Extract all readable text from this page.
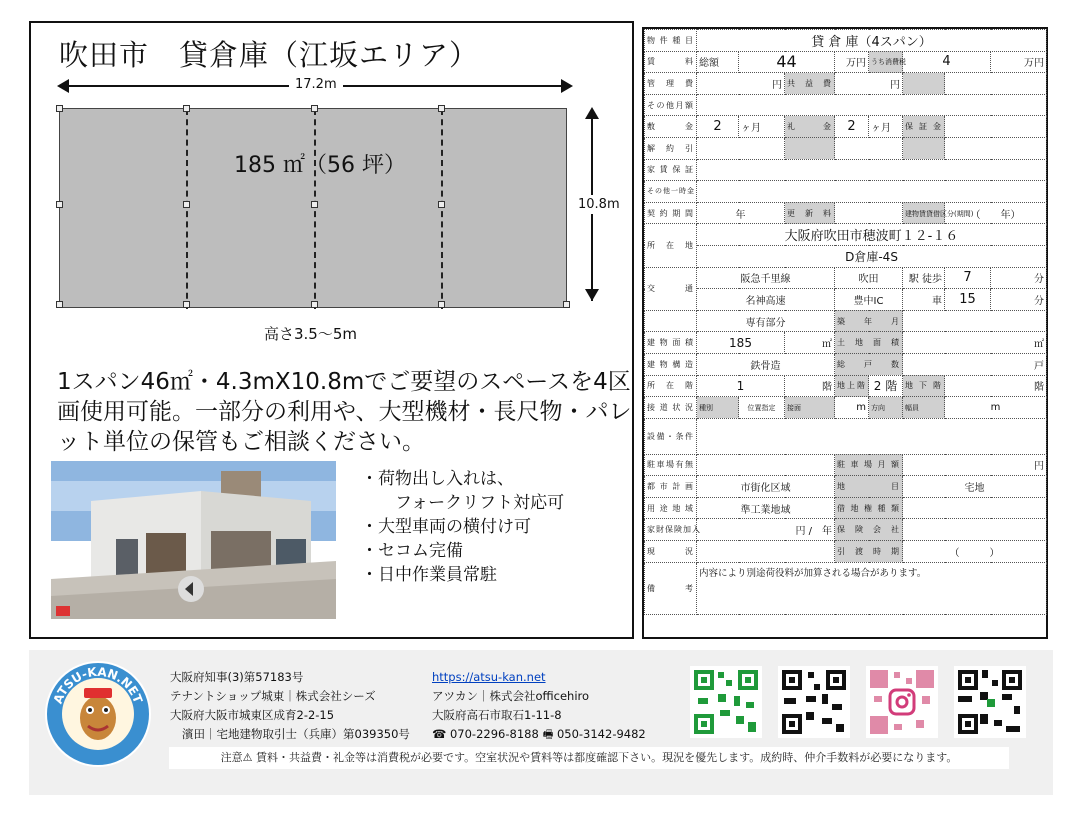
吹田市　貸倉庫（江坂エリア）
17.2m
185 ㎡（56 坪）
10.8m
高さ3.5～5m
1スパン46㎡・4.3mX10.8mでご要望のスペースを4区画使用可能。一部分の利用や、大型機材・長尺物・パレット単位の保管もご相談ください。
・荷物出し入れは、
　　フォークリフト対応可
・大型車両の横付け可
・セコム完備
・日中作業員常駐
物件種目	貸 倉 庫（4スパン）							
賃料	総額	44		万円	うち消費税	4		万円
管理費	円		共益費	円				
その他月額								
敷金	2	ヶ月	礼金	2	ヶ月	保証金		
解約引								
家賃保証								
その他一時金								
契約期間	年		更新料			建物賃貸借区分(期間)	（　　年）	
所在地	大阪府吹田市穂波町１２-１６							
	D倉庫-4S							
交通	阪急千里線			吹田		駅 徒歩	7	分
	名神高速			豊中IC		車	15	分
	専有部分			築 年 月				
建物面積	185		㎡	土地面積		㎡		
建物構造	鉄骨造			総戸数		戸		
所在階	1		階	地上階	2 階	地下階	階	
接道状況	種別	位置指定	接面	m	方向	幅員	m	
設備・条件								
駐車場有無				駐車場月額		円		
都市計画	市街化区域			地目		宅地		
用途地域	準工業地域			借地権種類				
家財保険加入	円 /　年			保険会社				
現況				引渡時期		（　　　）		
備考	内容により別途荷役料が加算される場合があります。							
ATSU-KAN.NET
大阪府知事(3)第57183号
テナントショップ城東｜株式会社シーズ
大阪府大阪市城東区成育2-2-15
濱田｜宅地建物取引士（兵庫）第039350号
https://atsu-kan.net
アツカン｜株式会社officehiro
大阪府高石市取石1-11-8
☎ 070-2296-8188 🖷 050-3142-9482
注意⚠ 賃料・共益費・礼金等は消費税が必要です。空室状況や賃料等は都度確認下さい。現況を優先します。成約時、仲介手数料が必要になります。
